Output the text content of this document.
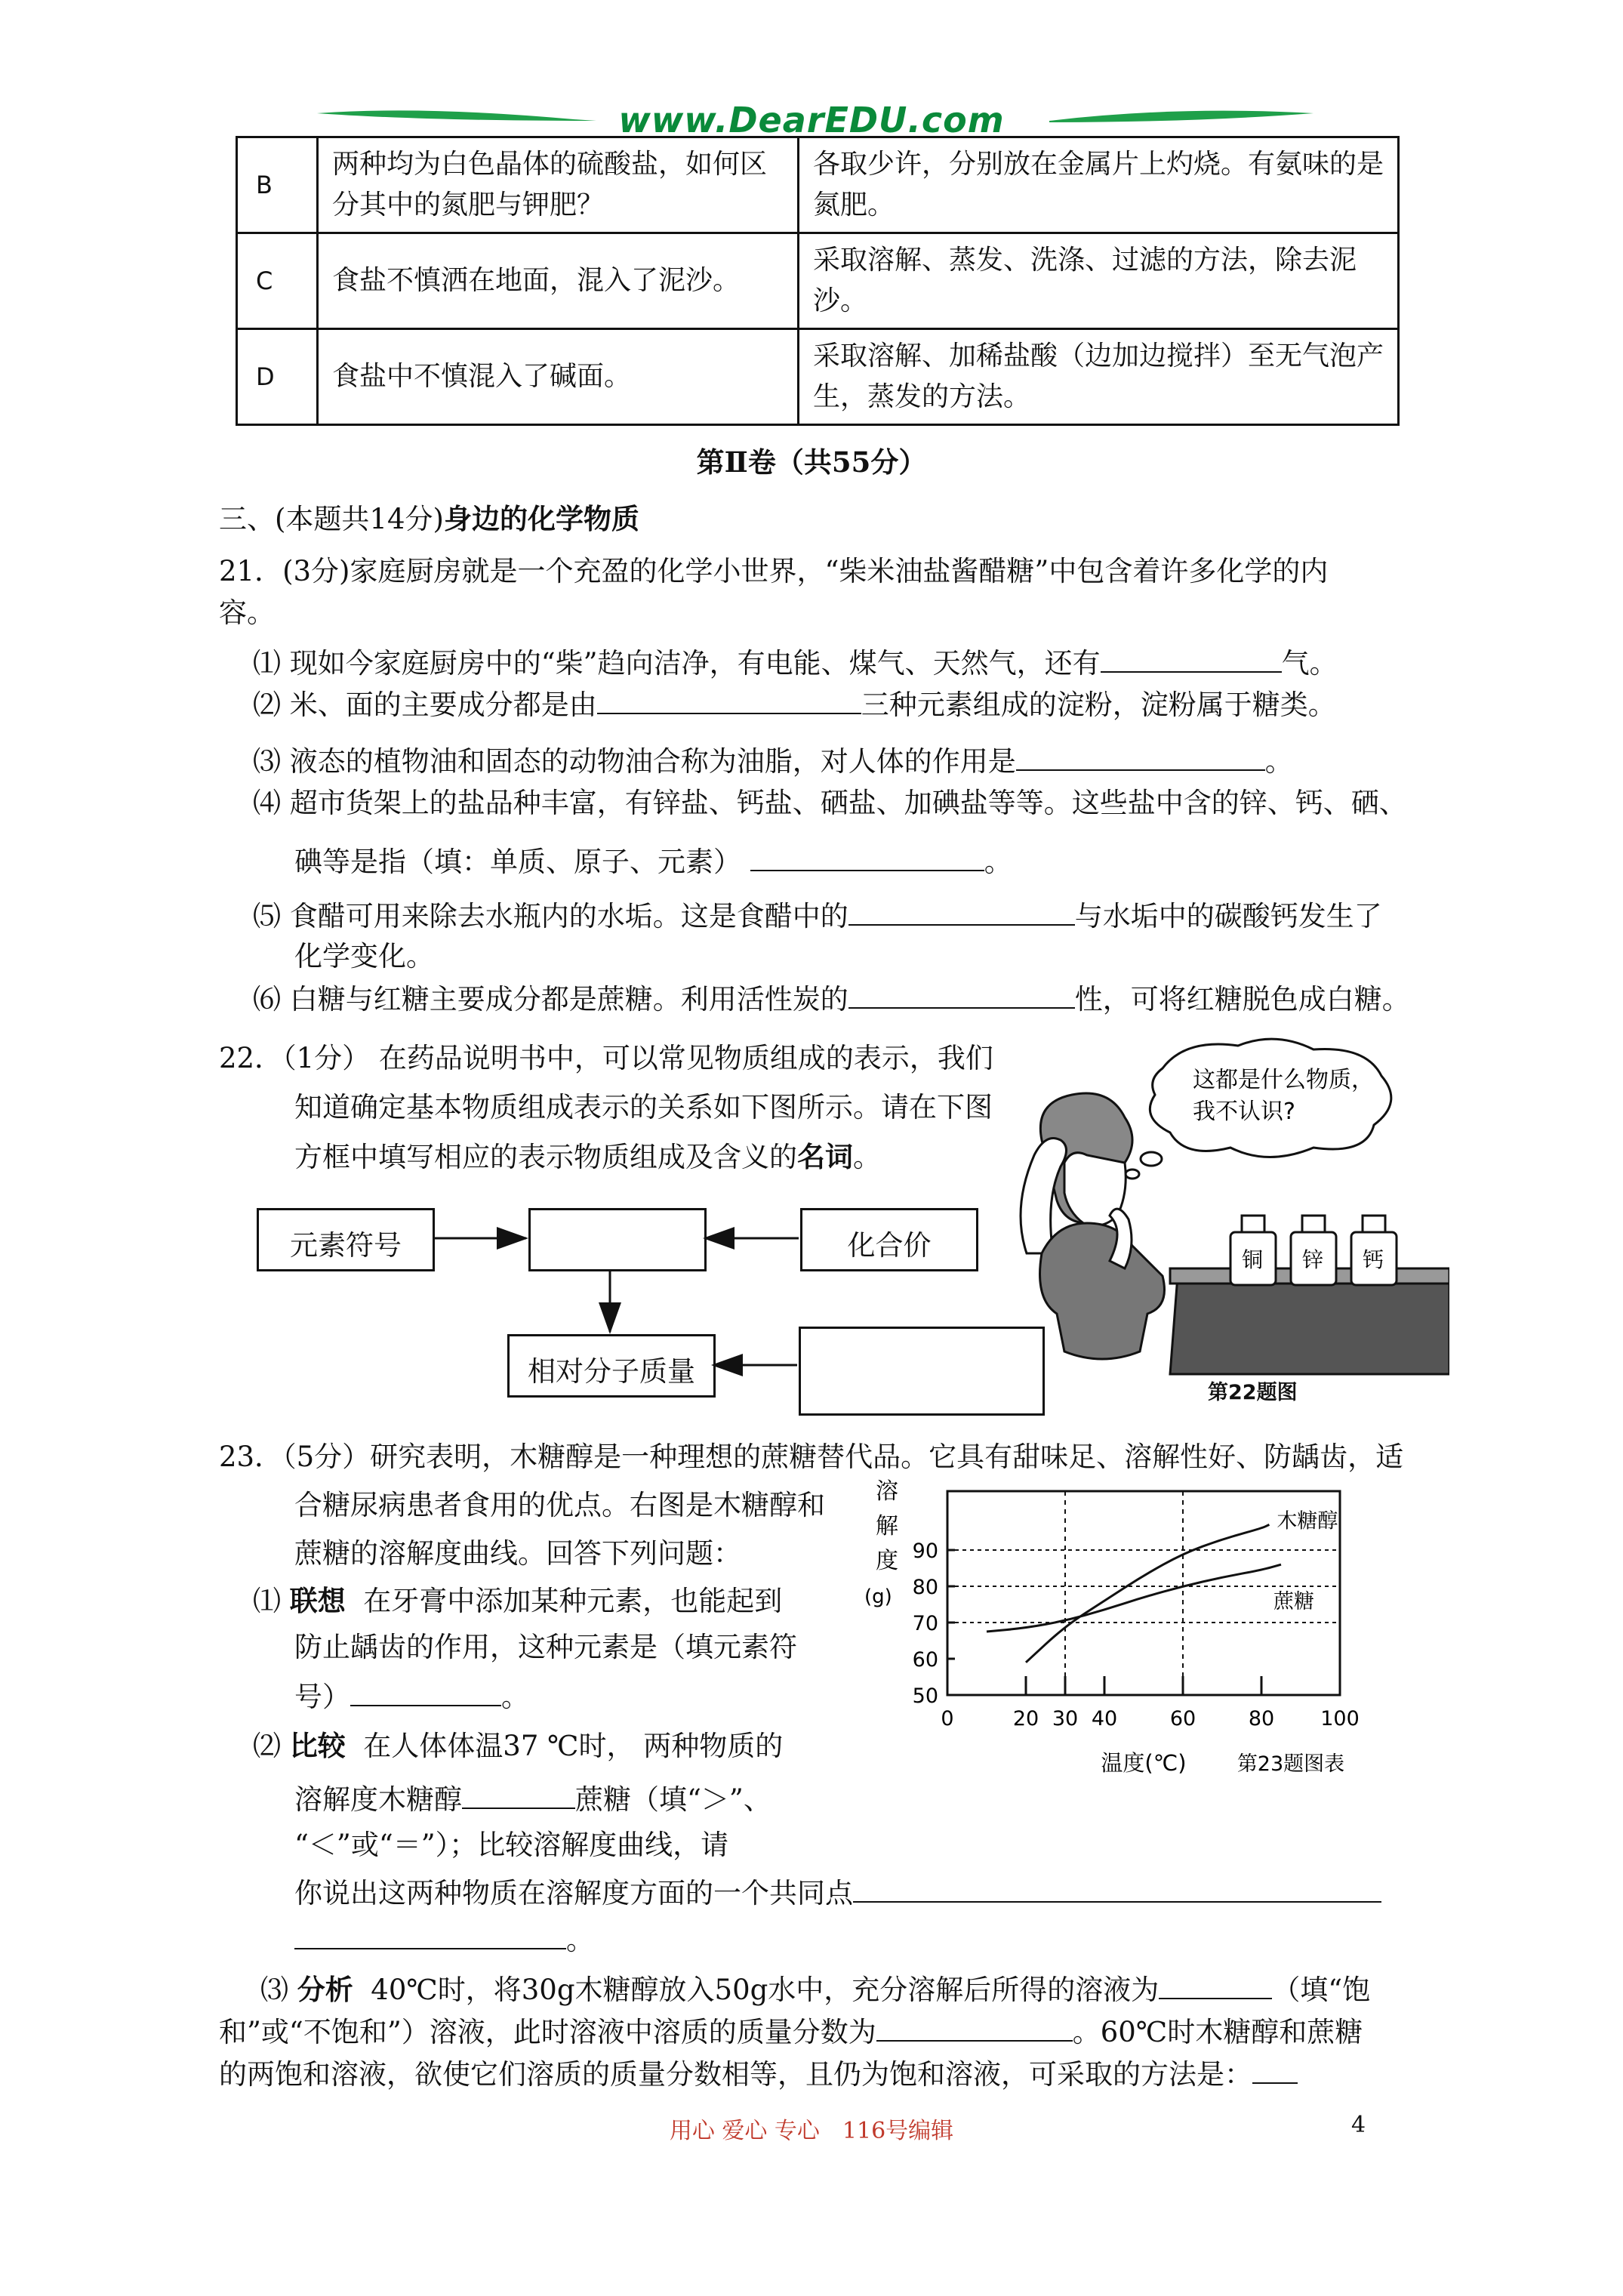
www.DearEDU.com
B	两种均为白色晶体的硫酸盐，如何区分其中的氮肥与钾肥？	各取少许，分别放在金属片上灼烧。有氨味的是氮肥。
C	食盐不慎洒在地面，混入了泥沙。	采取溶解、蒸发、洗涤、过滤的方法，除去泥沙。
D	食盐中不慎混入了碱面。	采取溶解、加稀盐酸（边加边搅拌）至无气泡产生，蒸发的方法。
第Ⅱ卷（共55分）
三、(本题共14分)身边的化学物质
21．(3分)家庭厨房就是一个充盈的化学小世界，“柴米油盐酱醋糖”中包含着许多化学的内
容。
⑴ 现如今家庭厨房中的“柴”趋向洁净，有电能、煤气、天然气，还有	气。
⑵ 米、面的主要成分都是由	三种元素组成的淀粉，淀粉属于糖类。
⑶ 液态的植物油和固态的动物油合称为油脂，对人体的作用是	。
⑷ 超市货架上的盐品种丰富，有锌盐、钙盐、硒盐、加碘盐等等。这些盐中含的锌、钙、硒、
碘等是指（填：单质、原子、元素）	。
⑸ 食醋可用来除去水瓶内的水垢。这是食醋中的	与水垢中的碳酸钙发生了
化学变化。
⑹ 白糖与红糖主要成分都是蔗糖。利用活性炭的	性，可将红糖脱色成白糖。
22．（1分） 在药品说明书中，可以常见物质组成的表示，我们
知道确定基本物质组成表示的关系如下图所示。请在下图
方框中填写相应的表示物质组成及含义的名词。
元素符号	化合价
相对分子质量
这都是什么物质，
我不认识?
铜 锌 钙
第22题图
23．（5分）研究表明，木糖醇是一种理想的蔗糖替代品。它具有甜味足、溶解性好、防龋齿，适
合糖尿病患者食用的优点。右图是木糖醇和
蔗糖的溶解度曲线。回答下列问题：
⑴ 联想 在牙膏中添加某种元素，也能起到
防止龋齿的作用，这种元素是（填元素符
号）	。
⑵ 比较 在人体体温37 ℃时， 两种物质的
溶解度木糖醇	蔗糖（填“＞”、
“＜”或“＝”）；比较溶解度曲线，请
你说出这两种物质在溶解度方面的一个共同点
。
⑶ 分析 40℃时，将30g木糖醇放入50g水中，充分溶解后所得的溶液为	（填“饱
和”或“不饱和”）溶液，此时溶液中溶质的质量分数为	。60℃时木糖醇和蔗糖
的两饱和溶液，欲使它们溶质的质量分数相等，且仍为饱和溶液，可采取的方法是：
50
60
70
80
90
0	20 30 40	60	80 100
木糖醇
蔗糖
溶
解
度
(g)
温度(℃) 第23题图表
用心 爱心 专心　116号编辑	4
